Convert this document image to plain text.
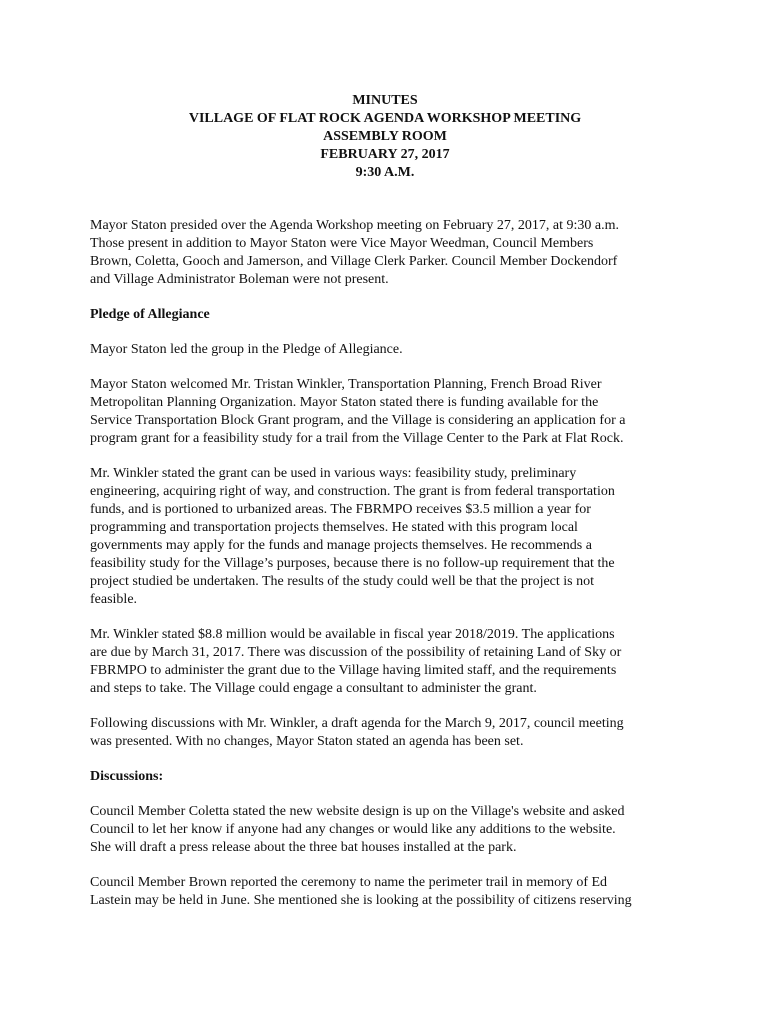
MINUTES
VILLAGE OF FLAT ROCK AGENDA WORKSHOP MEETING
ASSEMBLY ROOM
FEBRUARY 27, 2017
9:30 A.M.

Mayor Staton presided over the Agenda Workshop meeting on February 27, 2017, at 9:30 a.m.
Those present in addition to Mayor Staton were Vice Mayor Weedman, Council Members
Brown, Coletta, Gooch and Jamerson, and Village Clerk Parker. Council Member Dockendorf
and Village Administrator Boleman were not present.

Pledge of Allegiance

Mayor Staton led the group in the Pledge of Allegiance.

Mayor Staton welcomed Mr. Tristan Winkler, Transportation Planning, French Broad River
Metropolitan Planning Organization. Mayor Staton stated there is funding available for the
Service Transportation Block Grant program, and the Village is considering an application for a
program grant for a feasibility study for a trail from the Village Center to the Park at Flat Rock.

Mr. Winkler stated the grant can be used in various ways: feasibility study, preliminary
engineering, acquiring right of way, and construction. The grant is from federal transportation
funds, and is portioned to urbanized areas. The FBRMPO receives $3.5 million a year for
programming and transportation projects themselves. He stated with this program local
governments may apply for the funds and manage projects themselves. He recommends a
feasibility study for the Village’s purposes, because there is no follow-up requirement that the
project studied be undertaken. The results of the study could well be that the project is not
feasible.

Mr. Winkler stated $8.8 million would be available in fiscal year 2018/2019. The applications
are due by March 31, 2017. There was discussion of the possibility of retaining Land of Sky or
FBRMPO to administer the grant due to the Village having limited staff, and the requirements
and steps to take. The Village could engage a consultant to administer the grant.

Following discussions with Mr. Winkler, a draft agenda for the March 9, 2017, council meeting
was presented. With no changes, Mayor Staton stated an agenda has been set.

Discussions:

Council Member Coletta stated the new website design is up on the Village's website and asked
Council to let her know if anyone had any changes or would like any additions to the website.
She will draft a press release about the three bat houses installed at the park.

Council Member Brown reported the ceremony to name the perimeter trail in memory of Ed
Lastein may be held in June. She mentioned she is looking at the possibility of citizens reserving
